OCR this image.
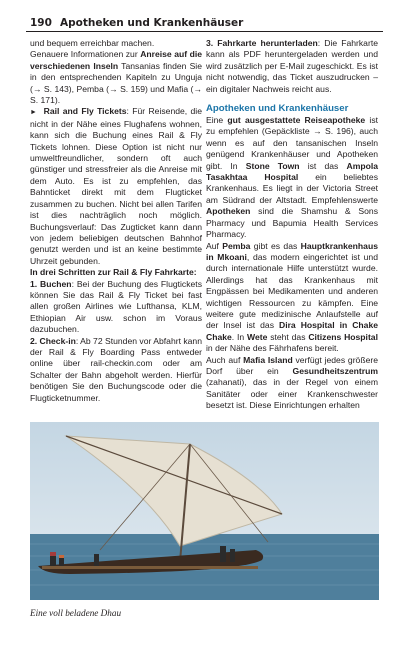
190 Apotheken und Krankenhäuser

und bequem erreichbar machen.

Genauere Informationen zur Anreise auf die verschiedenen Inseln Tansanias finden Sie in den entsprechenden Kapiteln zu Unguja (→ S. 143), Pemba (→ S. 159) und Mafia (→ S. 171).

► Rail and Fly Tickets: Für Reisende, die nicht in der Nähe eines Flughafens wohnen, kann sich die Buchung eines Rail & Fly Tickets lohnen. Diese Option ist nicht nur umweltfreundlicher, sondern oft auch günstiger und stressfreier als die Anreise mit dem Auto. Es ist zu empfehlen, das Bahnticket direkt mit dem Flugticket zusammen zu buchen. Nicht bei allen Tarifen ist dies nachträglich noch möglich. Buchungsverlauf: Das Zugticket kann dann von jedem beliebigen deutschen Bahnhof genutzt werden und ist an keine bestimmte Uhrzeit gebunden.

In drei Schritten zur Rail & Fly Fahrkarte:

1. Buchen: Bei der Buchung des Flugtickets können Sie das Rail & Fly Ticket bei fast allen großen Airlines wie Lufthansa, KLM, Ethiopian Air usw. schon im Voraus dazubuchen.

2. Check-in: Ab 72 Stunden vor Abfahrt kann der Rail & Fly Boarding Pass entweder online über rail-checkin.com oder am Schalter der Bahn abgeholt werden. Hierfür benötigen Sie den Buchungscode oder die Flugticketnummer.

3. Fahrkarte herunterladen: Die Fahrkarte kann als PDF heruntergeladen werden und wird zusätzlich per E-Mail zugeschickt. Es ist nicht notwendig, das Ticket auszudrucken – ein digitaler Nachweis reicht aus.

Apotheken und Krankenhäuser

Eine gut ausgestattete Reiseapotheke ist zu empfehlen (Gepäckliste → S. 196), auch wenn es auf den tansanischen Inseln genügend Krankenhäuser und Apotheken gibt. In Stone Town ist das Ampola Tasakhtaa Hospital ein beliebtes Krankenhaus. Es liegt in der Victoria Street am Südrand der Altstadt. Empfehlenswerte Apotheken sind die Shamshu & Sons Pharmacy und Bapumia Health Services Pharmacy.

Auf Pemba gibt es das Hauptkrankenhaus in Mkoani, das modern eingerichtet ist und durch internationale Hilfe unterstützt wurde. Allerdings hat das Krankenhaus mit Engpässen bei Medikamenten und anderen wichtigen Ressourcen zu kämpfen. Eine weitere gute medizinische Anlaufstelle auf der Insel ist das Dira Hospital in Chake Chake. In Wete steht das Citizens Hospital in der Nähe des Fährhafens bereit.

Auch auf Mafia Island verfügt jedes größere Dorf über ein Gesundheitszentrum (zahanati), das in der Regel von einem Sanitäter oder einer Krankenschwester besetzt ist. Diese Einrichtungen erhalten

Eine voll beladene Dhau
